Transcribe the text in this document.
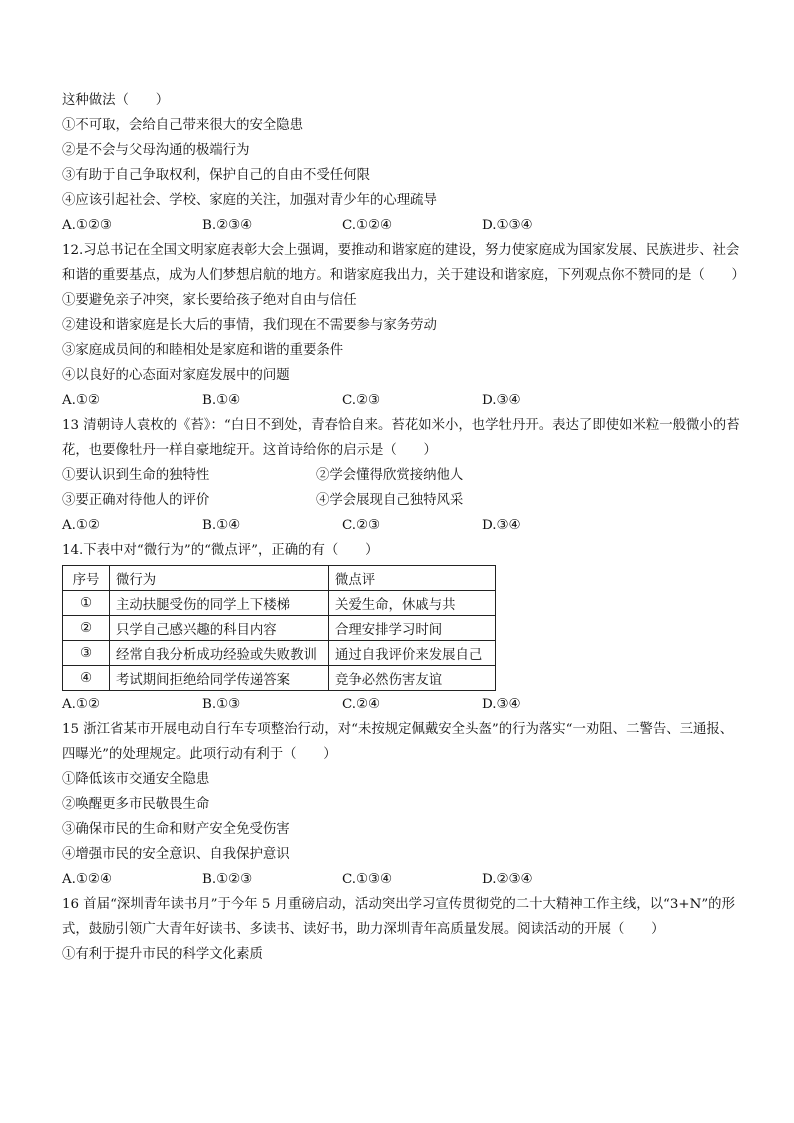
这种做法（　　）
①不可取，会给自己带来很大的安全隐患
②是不会与父母沟通的极端行为
③有助于自己争取权利，保护自己的自由不受任何限
④应该引起社会、学校、家庭的关注，加强对青少年的心理疏导
A.①②③	B.②③④	C.①②④	D.①③④
12.习总书记在全国文明家庭表彰大会上强调，要推动和谐家庭的建设，努力使家庭成为国家发展、民族进步、社会和谐的重要基点，成为人们梦想启航的地方。和谐家庭我出力，关于建设和谐家庭，下列观点你不赞同的是（　　）
①要避免亲子冲突，家长要给孩子绝对自由与信任
②建设和谐家庭是长大后的事情，我们现在不需要参与家务劳动
③家庭成员间的和睦相处是家庭和谐的重要条件
④以良好的心态面对家庭发展中的问题
A.①②	B.①④	C.②③	D.③④
13 清朝诗人袁枚的《苔》：“白日不到处，青春恰自来。苔花如米小，也学牡丹开。表达了即使如米粒一般微小的苔花，也要像牡丹一样自豪地绽开。这首诗给你的启示是（　　）
①要认识到生命的独特性	②学会懂得欣赏接纳他人
③要正确对待他人的评价	④学会展现自己独特风采
A.①②	B.①④	C.②③	D.③④
14.下表中对“微行为”的“微点评”，正确的有（　　）
序号	微行为	微点评
①	主动扶腿受伤的同学上下楼梯	关爱生命，休戚与共
②	只学自己感兴趣的科目内容	合理安排学习时间
③	经常自我分析成功经验或失败教训	通过自我评价来发展自己
④	考试期间拒绝给同学传递答案	竞争必然伤害友谊
A.①②	B.①③	C.②④	D.③④
15 浙江省某市开展电动自行车专项整治行动，对“未按规定佩戴安全头盔”的行为落实“一劝阻、二警告、三通报、四曝光”的处理规定。此项行动有利于（　　）
①降低该市交通安全隐患
②唤醒更多市民敬畏生命
③确保市民的生命和财产安全免受伤害
④增强市民的安全意识、自我保护意识
A.①②④	B.①②③	C.①③④	D.②③④
16 首届“深圳青年读书月”于今年 5 月重磅启动，活动突出学习宣传贯彻党的二十大精神工作主线，以“3+N”的形式，鼓励引领广大青年好读书、多读书、读好书，助力深圳青年高质量发展。阅读活动的开展（　　）
①有利于提升市民的科学文化素质
